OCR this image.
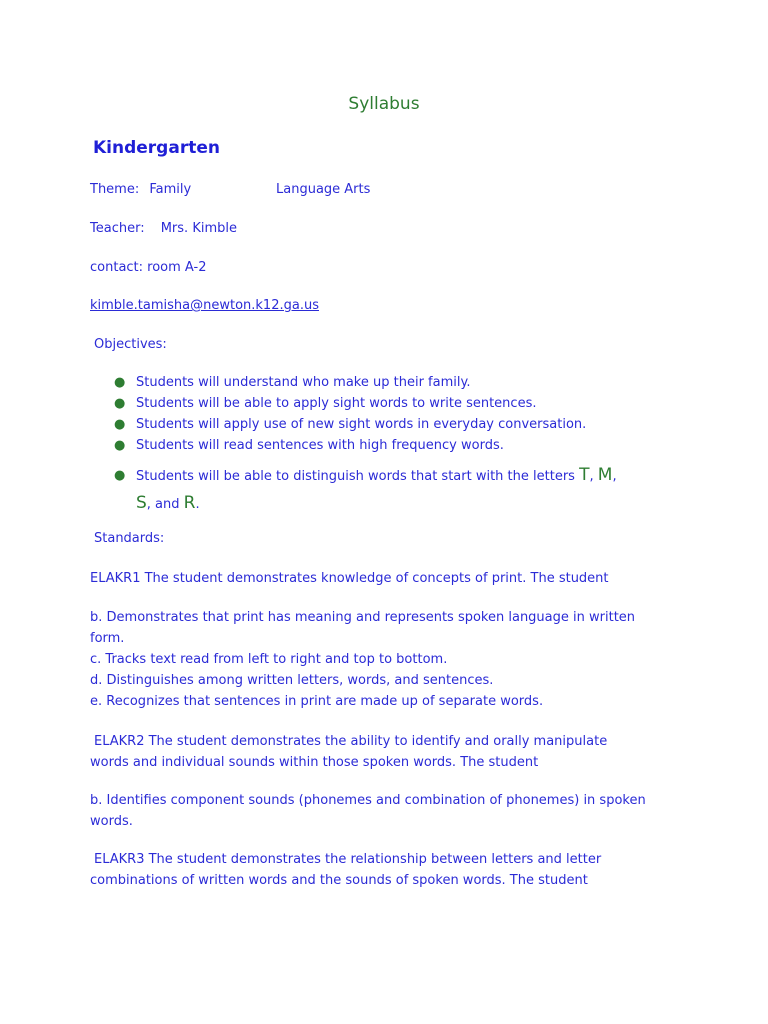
Syllabus
Kindergarten
Theme: Family	Language Arts
Teacher: Mrs. Kimble
contact: room A-2
kimble.tamisha@newton.k12.ga.us
Objectives:
● Students will understand who make up their family.
● Students will be able to apply sight words to write sentences.
● Students will apply use of new sight words in everyday conversation.
● Students will read sentences with high frequency words.
● Students will be able to distinguish words that start with the letters T, M,
S, and R.
Standards:
ELAKR1 The student demonstrates knowledge of concepts of print. The student
b. Demonstrates that print has meaning and represents spoken language in written
form.
c. Tracks text read from left to right and top to bottom.
d. Distinguishes among written letters, words, and sentences.
e. Recognizes that sentences in print are made up of separate words.
ELAKR2 The student demonstrates the ability to identify and orally manipulate
words and individual sounds within those spoken words. The student
b. Identifies component sounds (phonemes and combination of phonemes) in spoken
words.
ELAKR3 The student demonstrates the relationship between letters and letter
combinations of written words and the sounds of spoken words. The student
